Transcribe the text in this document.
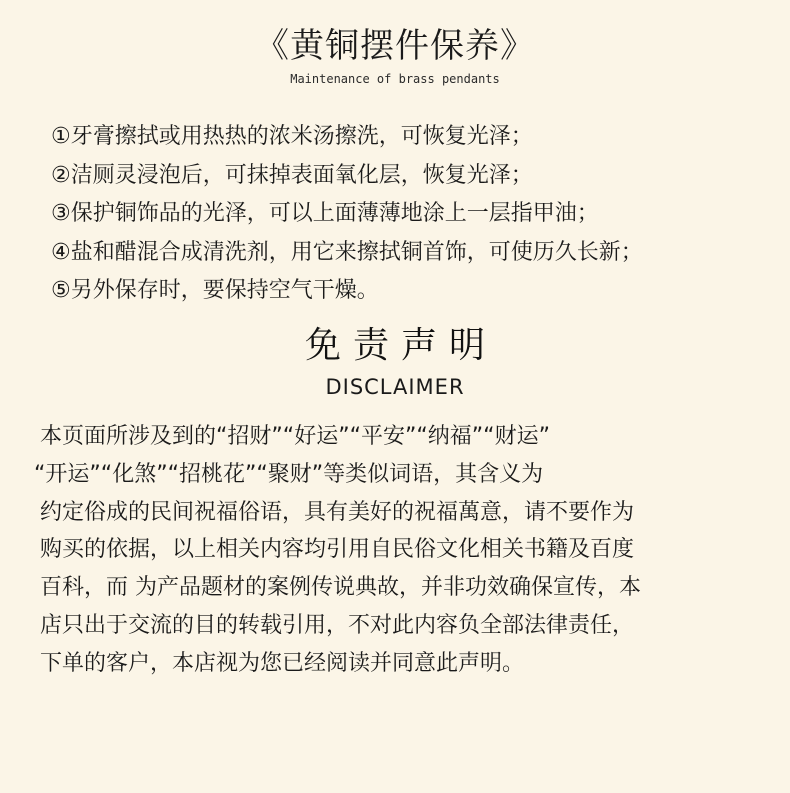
《黄铜摆件保养》
Maintenance of brass pendants
①牙膏擦拭或用热热的浓米汤擦洗，可恢复光泽；
②洁厕灵浸泡后，可抹掉表面氧化层，恢复光泽；
③保护铜饰品的光泽，可以上面薄薄地涂上一层指甲油；
④盐和醋混合成清洗剂，用它来擦拭铜首饰，可使历久长新；
⑤另外保存时，要保持空气干燥。
免责声明
DISCLAIMER
本页面所涉及到的“招财”“好运”“平安”“纳福”“财运”
“开运”“化煞”“招桃花”“聚财”等类似词语，其含义为
约定俗成的民间祝福俗语，具有美好的祝福萬意，请不要作为
购买的依据，以上相关内容均引用自民俗文化相关书籍及百度
百科，而 为产品题材的案例传说典故，并非功效确保宣传，本
店只出于交流的目的转载引用，不对此内容负全部法律责任，
下单的客户，本店视为您已经阅读并同意此声明。
